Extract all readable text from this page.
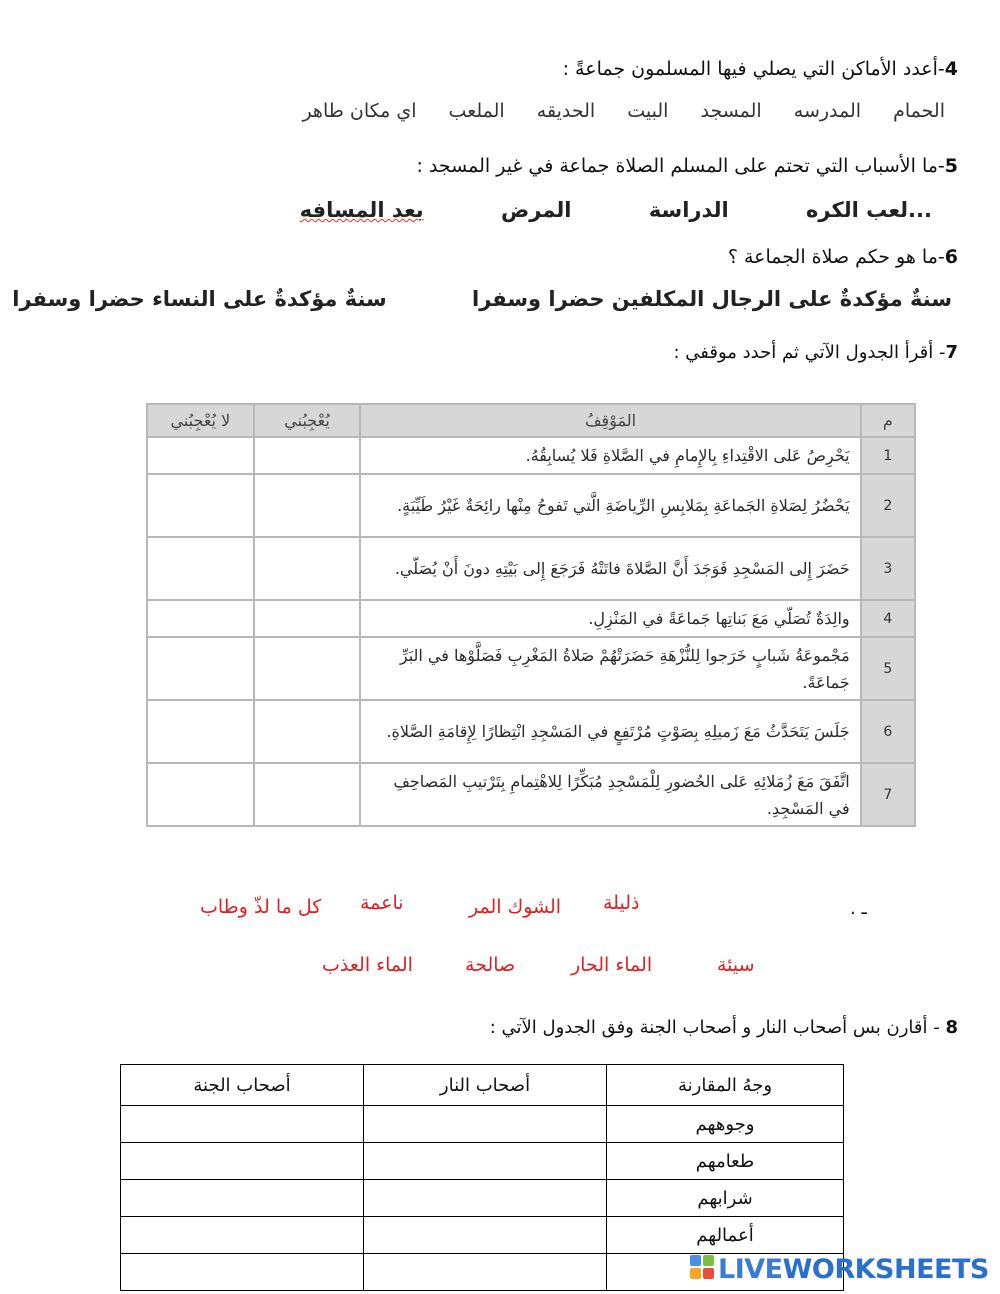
4-أعدد الأماكن التي يصلي فيها المسلمون جماعةً :
الحمام المدرسه المسجد البيت الحديقه الملعب اي مكان طاهر
5-ما الأسباب التي تحتم على المسلم الصلاة جماعة في غير المسجد :
...لعب الكره الدراسة المرض بعد المسافه
6-ما هو حكم صلاة الجماعة ؟
سنةٌ مؤكدةٌ على الرجال المكلفين حضرا وسفرا سنةٌ مؤكدةٌ على النساء حضرا وسفرا
7- أقرأ الجدول الآتي ثم أحدد موقفي :
م	المَوْقِفُ	يُعْجِبُني	لا يُعْجِبُني
1	يَحْرِصُ عَلى الاقْتِداءِ بِالإِمامِ في الصَّلاةِ فَلا يُسابِقُهُ.		
2	يَحْضُرُ لِصَلاةِ الجَماعَةِ بِمَلابِسِ الرِّياضَةِ الَّتي تَفوحُ مِنْها رائِحَةٌ غَيْرُ طَيِّبَةٍ.		
3	حَضَرَ إِلى المَسْجِدِ فَوَجَدَ أَنَّ الصَّلاةَ فاتَتْهُ فَرَجَعَ إِلى بَيْتِهِ دونَ أَنْ يُصَلّي.		
4	والِدَةٌ تُصَلّي مَعَ بَناتِها جَماعَةً في المَنْزِلِ.		
5	مَجْموعَةُ شَبابٍ خَرَجوا لِلنُّزْهَةِ حَضَرَتْهُمْ صَلاةُ المَغْرِبِ فَصَلَّوْها في البَرِّ جَماعَةً.		
6	جَلَسَ يَتَحَدَّثُ مَعَ زَميلِهِ بِصَوْتٍ مُرْتَفِعٍ في المَسْجِدِ انْتِظارًا لِإِقامَةِ الصَّلاةِ.		
7	اتَّفَقَ مَعَ زُمَلائِهِ عَلى الحُضورِ لِلْمَسْجِدِ مُبَكِّرًا لِلاهْتِمامِ بِتَرْتيبِ المَصاحِفِ في المَسْجِدِ.		
. ـ
ذليلة
الشوك المر
ناعمة
كل ما لذّ وطاب
سيئة
الماء الحار
صالحة
الماء العذب
8 - أقارن بس أصحاب النار و أصحاب الجنة وفق الجدول الآتي :
وجهُ المقارنة	أصحاب النار	أصحاب الجنة
وجوههم		
طعامهم		
شرابهم		
أعمالهم		

LIVEWORKSHEETS
